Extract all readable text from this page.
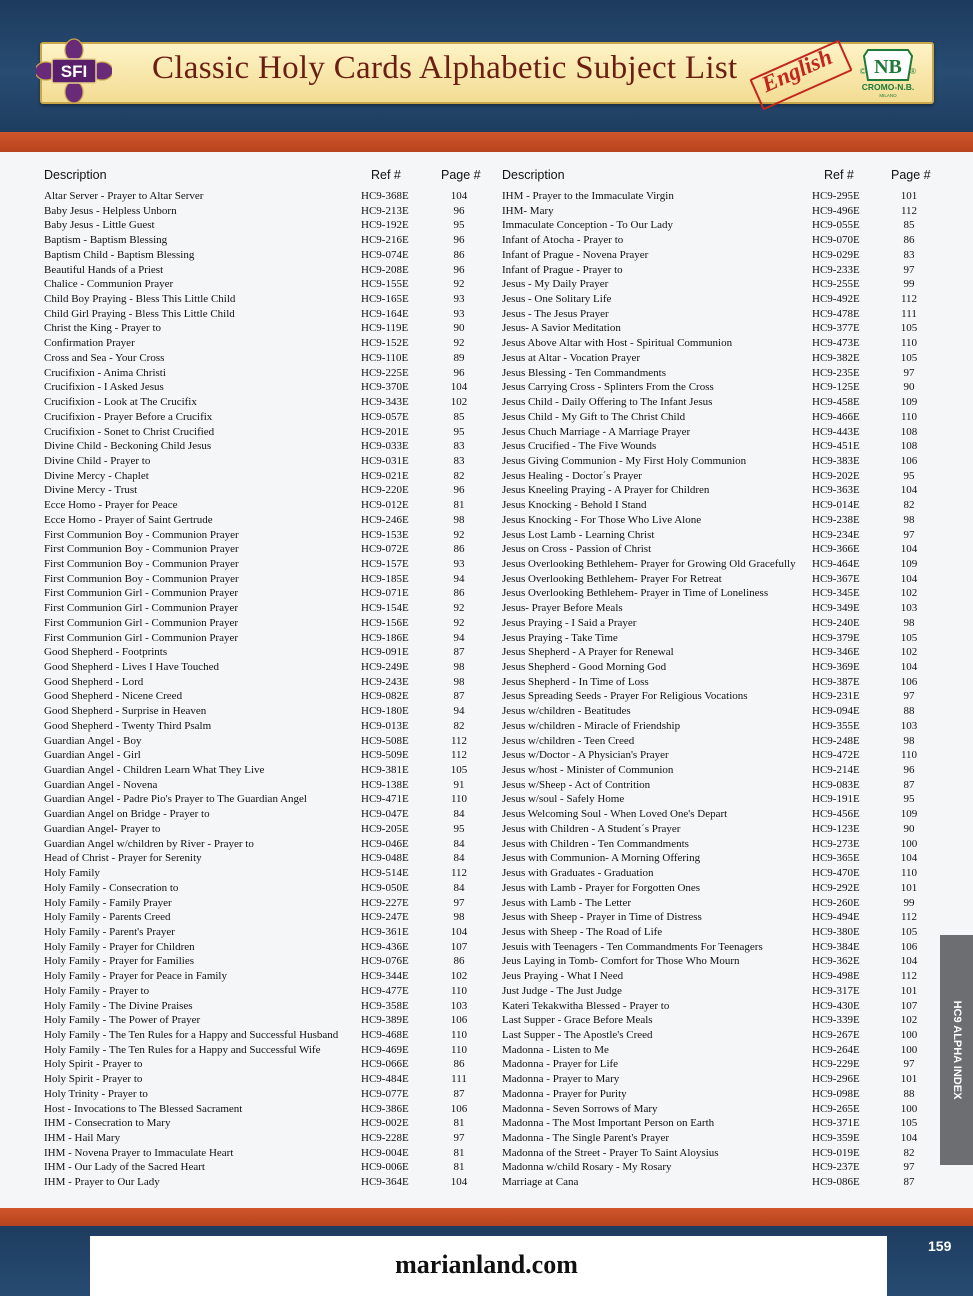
SFI Classic Holy Cards Alphabetic Subject List English NB
©	®
CROMO-N.B.
MILANO
Description	Ref #	Page # Description	Ref #	Page #
Altar Server - Prayer to Altar Server	HC9-368E	104
Baby Jesus - Helpless Unborn	HC9-213E	96
Baby Jesus - Little Guest	HC9-192E	95
Baptism - Baptism Blessing	HC9-216E	96
Baptism Child - Baptism Blessing	HC9-074E	86
Beautiful Hands of a Priest	HC9-208E	96
Chalice - Communion Prayer	HC9-155E	92
Child Boy Praying - Bless This Little Child	HC9-165E	93
Child Girl Praying - Bless This Little Child	HC9-164E	93
Christ the King - Prayer to	HC9-119E	90
Confirmation Prayer	HC9-152E	92
Cross and Sea - Your Cross	HC9-110E	89
Crucifixion - Anima Christi	HC9-225E	96
Crucifixion - I Asked Jesus	HC9-370E	104
Crucifixion - Look at The Crucifix	HC9-343E	102
Crucifixion - Prayer Before a Crucifix	HC9-057E	85
Crucifixion - Sonet to Christ Crucified	HC9-201E	95
Divine Child - Beckoning Child Jesus	HC9-033E	83
Divine Child - Prayer to	HC9-031E	83
Divine Mercy - Chaplet	HC9-021E	82
Divine Mercy - Trust	HC9-220E	96
Ecce Homo - Prayer for Peace	HC9-012E	81
Ecce Homo - Prayer of Saint Gertrude	HC9-246E	98
First Communion Boy - Communion Prayer	HC9-153E	92
First Communion Boy - Communion Prayer	HC9-072E	86
First Communion Boy - Communion Prayer	HC9-157E	93
First Communion Boy - Communion Prayer	HC9-185E	94
First Communion Girl - Communion Prayer	HC9-071E	86
First Communion Girl - Communion Prayer	HC9-154E	92
First Communion Girl - Communion Prayer	HC9-156E	92
First Communion Girl - Communion Prayer	HC9-186E	94
Good Shepherd - Footprints	HC9-091E	87
Good Shepherd - Lives I Have Touched	HC9-249E	98
Good Shepherd - Lord	HC9-243E	98
Good Shepherd - Nicene Creed	HC9-082E	87
Good Shepherd - Surprise in Heaven	HC9-180E	94
Good Shepherd - Twenty Third Psalm	HC9-013E	82
Guardian Angel - Boy	HC9-508E	112
Guardian Angel - Girl	HC9-509E	112
Guardian Angel - Children Learn What They Live	HC9-381E	105
Guardian Angel - Novena	HC9-138E	91
Guardian Angel - Padre Pio's Prayer to The Guardian Angel	HC9-471E	110
Guardian Angel on Bridge - Prayer to	HC9-047E	84
Guardian Angel- Prayer to	HC9-205E	95
Guardian Angel w/children by River - Prayer to	HC9-046E	84
Head of Christ - Prayer for Serenity	HC9-048E	84
Holy Family	HC9-514E	112
Holy Family - Consecration to	HC9-050E	84
Holy Family - Family Prayer	HC9-227E	97
Holy Family - Parents Creed	HC9-247E	98
Holy Family - Parent's Prayer	HC9-361E	104
Holy Family - Prayer for Children	HC9-436E	107
Holy Family - Prayer for Families	HC9-076E	86
Holy Family - Prayer for Peace in Family	HC9-344E	102
Holy Family - Prayer to	HC9-477E	110
Holy Family - The Divine Praises	HC9-358E	103
Holy Family - The Power of Prayer	HC9-389E	106
Holy Family - The Ten Rules for a Happy and Successful Husband HC9-468E	110
Holy Family - The Ten Rules for a Happy and Successful Wife	HC9-469E	110
Holy Spirit - Prayer to	HC9-066E	86
Holy Spirit - Prayer to	HC9-484E	111
Holy Trinity - Prayer to	HC9-077E	87
Host - Invocations to The Blessed Sacrament	HC9-386E	106
IHM - Consecration to Mary	HC9-002E	81
IHM - Hail Mary	HC9-228E	97
IHM - Novena Prayer to Immaculate Heart	HC9-004E	81
IHM - Our Lady of the Sacred Heart	HC9-006E	81
IHM - Prayer to Our Lady	HC9-364E	104
IHM - Prayer to the Immaculate Virgin	HC9-295E	101
IHM- Mary	HC9-496E	112
Immaculate Conception - To Our Lady	HC9-055E	85
Infant of Atocha - Prayer to	HC9-070E	86
Infant of Prague - Novena Prayer	HC9-029E	83
Infant of Prague - Prayer to	HC9-233E	97
Jesus - My Daily Prayer	HC9-255E	99
Jesus - One Solitary Life	HC9-492E	112
Jesus - The Jesus Prayer	HC9-478E	111
Jesus- A Savior Meditation	HC9-377E	105
Jesus Above Altar with Host - Spiritual Communion	HC9-473E	110
Jesus at Altar - Vocation Prayer	HC9-382E	105
Jesus Blessing - Ten Commandments	HC9-235E	97
Jesus Carrying Cross - Splinters From the Cross	HC9-125E	90
Jesus Child - Daily Offering to The Infant Jesus	HC9-458E	109
Jesus Child - My Gift to The Christ Child	HC9-466E	110
Jesus Chuch Marriage - A Marriage Prayer	HC9-443E	108
Jesus Crucified - The Five Wounds	HC9-451E	108
Jesus Giving Communion - My First Holy Communion	HC9-383E	106
Jesus Healing - Doctor´s Prayer	HC9-202E	95
Jesus Kneeling Praying - A Prayer for Children	HC9-363E	104
Jesus Knocking - Behold I Stand	HC9-014E	82
Jesus Knocking - For Those Who Live Alone	HC9-238E	98
Jesus Lost Lamb - Learning Christ	HC9-234E	97
Jesus on Cross - Passion of Christ	HC9-366E	104
Jesus Overlooking Bethlehem- Prayer for Growing Old Gracefully HC9-464E	109
Jesus Overlooking Bethlehem- Prayer For Retreat	HC9-367E	104
Jesus Overlooking Bethlehem- Prayer in Time of Loneliness	HC9-345E	102
Jesus- Prayer Before Meals	HC9-349E	103
Jesus Praying - I Said a Prayer	HC9-240E	98
Jesus Praying - Take Time	HC9-379E	105
Jesus Shepherd - A Prayer for Renewal	HC9-346E	102
Jesus Shepherd - Good Morning God	HC9-369E	104
Jesus Shepherd - In Time of Loss	HC9-387E	106
Jesus Spreading Seeds - Prayer For Religious Vocations	HC9-231E	97
Jesus w/children - Beatitudes	HC9-094E	88
Jesus w/children - Miracle of Friendship	HC9-355E	103
Jesus w/children - Teen Creed	HC9-248E	98
Jesus w/Doctor - A Physician's Prayer	HC9-472E	110
Jesus w/host - Minister of Communion	HC9-214E	96
Jesus w/Sheep - Act of Contrition	HC9-083E	87
Jesus w/soul - Safely Home	HC9-191E	95
Jesus Welcoming Soul - When Loved One's Depart	HC9-456E	109
Jesus with Children - A Student´s Prayer	HC9-123E	90
Jesus with Children - Ten Commandments	HC9-273E	100
Jesus with Communion- A Morning Offering	HC9-365E	104
Jesus with Graduates - Graduation	HC9-470E	110
Jesus with Lamb - Prayer for Forgotten Ones	HC9-292E	101
Jesus with Lamb - The Letter	HC9-260E	99
Jesus with Sheep - Prayer in Time of Distress	HC9-494E	112
Jesus with Sheep - The Road of Life	HC9-380E	105
Jesuis with Teenagers - Ten Commandments For Teenagers	HC9-384E	106
Jeus Laying in Tomb- Comfort for Those Who Mourn	HC9-362E	104
Jeus Praying - What I Need	HC9-498E	112
Just Judge - The Just Judge	HC9-317E	101
Kateri Tekakwitha Blessed - Prayer to	HC9-430E	107
Last Supper - Grace Before Meals	HC9-339E	102
Last Supper - The Apostle's Creed	HC9-267E	100
Madonna - Listen to Me	HC9-264E	100
Madonna - Prayer for Life	HC9-229E	97
Madonna - Prayer to Mary	HC9-296E	101
Madonna - Prayer for Purity	HC9-098E	88
Madonna - Seven Sorrows of Mary	HC9-265E	100
Madonna - The Most Important Person on Earth	HC9-371E	105
Madonna - The Single Parent's Prayer	HC9-359E	104
Madonna of the Street - Prayer To Saint Aloysius	HC9-019E	82
Madonna w/child Rosary - My Rosary	HC9-237E	97
Marriage at Cana	HC9-086E	87
HC9 ALPHA INDEX
marianland.com
159
